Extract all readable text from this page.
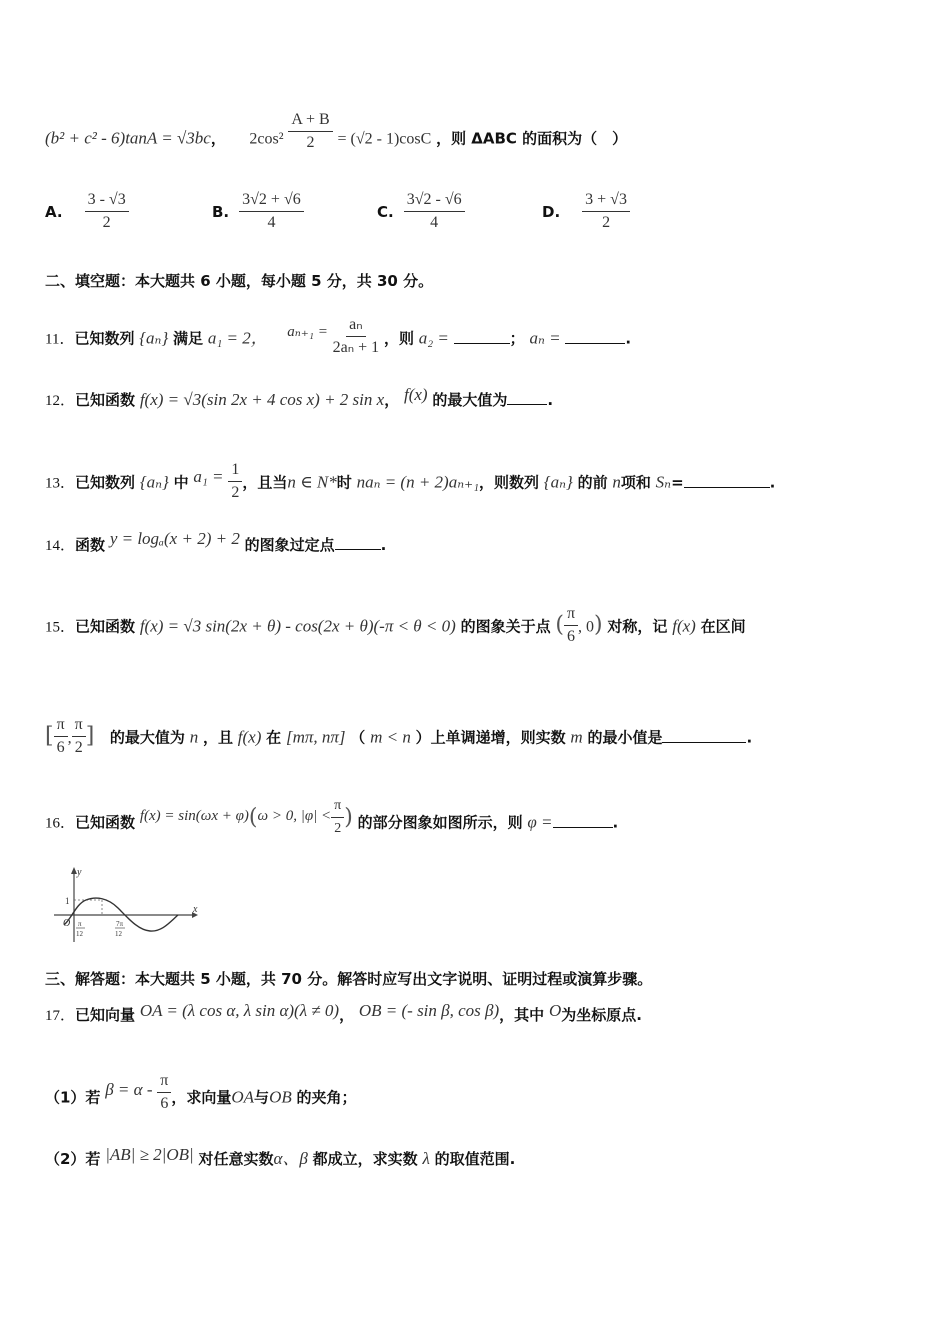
(b² + c² - 6)tanA = √3bc， $2\cos^2 \frac{A + B}{2} = (√2 - 1)\cos C$ ，则 ΔABC 的面积为（　）
A. $\frac{3 - √3}{2}$	B. $\frac{3√2 + √6}{4}$	C. $\frac{3√2 - √6}{4}$	D. $\frac{3 + √3}{2}$
二、填空题：本大题共 6 小题，每小题 5 分，共 30 分。
11．已知数列 {aₙ} 满足 a₁ = 2， $a_{n+1} = \frac{\text{aₙ}}{\text{2aₙ + 1}}$ ，则 a₂ =	； aₙ =	.
12．已知函数 f(x) = √3(sin 2x + 4 cos x) + 2 sin x， f(x) 的最大值为	.
13．已知数列 {aₙ} 中 $a_1 = \frac{1}{2}$ ，且当n ∈ N*时 naₙ = (n + 2)aₙ₊₁，则数列 {aₙ} 的前 n项和 Sₙ=	.
14．函数 y = logₐ(x + 2) + 2 的图象过定点	.
15．已知函数 f(x) = √3 sin(2x + θ) - cos(2x + θ)(-π < θ < 0) 的图象关于点 ( $\frac{\pi}{6}$ , 0) 对称，记 f(x) 在区间
[ $\frac{\pi}{6}$ , $\frac{\pi}{2}$ ] 的最大值为 n ，且 f(x) 在 [mπ, nπ] （ m < n ）上单调递增，则实数 m 的最小值是	.
16．已知函数 f(x) = sin(ωx + φ)(ω > 0, $|\varphi| < \frac{\pi}{2}$ ) 的部分图象如图所示，则 φ =	.
y
x
1
O π
12
7π
12
三、解答题：本大题共 5 小题，共 70 分。解答时应写出文字说明、证明过程或演算步骤。
17．已知向量 OA = (λ cos α, λ sin α)(λ ≠ 0)， OB = (- sin β, cos β)，其中 O为坐标原点.
（1）若 $\beta = \alpha - \frac{\pi}{6}$ ，求向量OA与OB 的夹角；
（2）若 |AB| ≥ 2|OB| 对任意实数α、β 都成立，求实数 λ 的取值范围.
